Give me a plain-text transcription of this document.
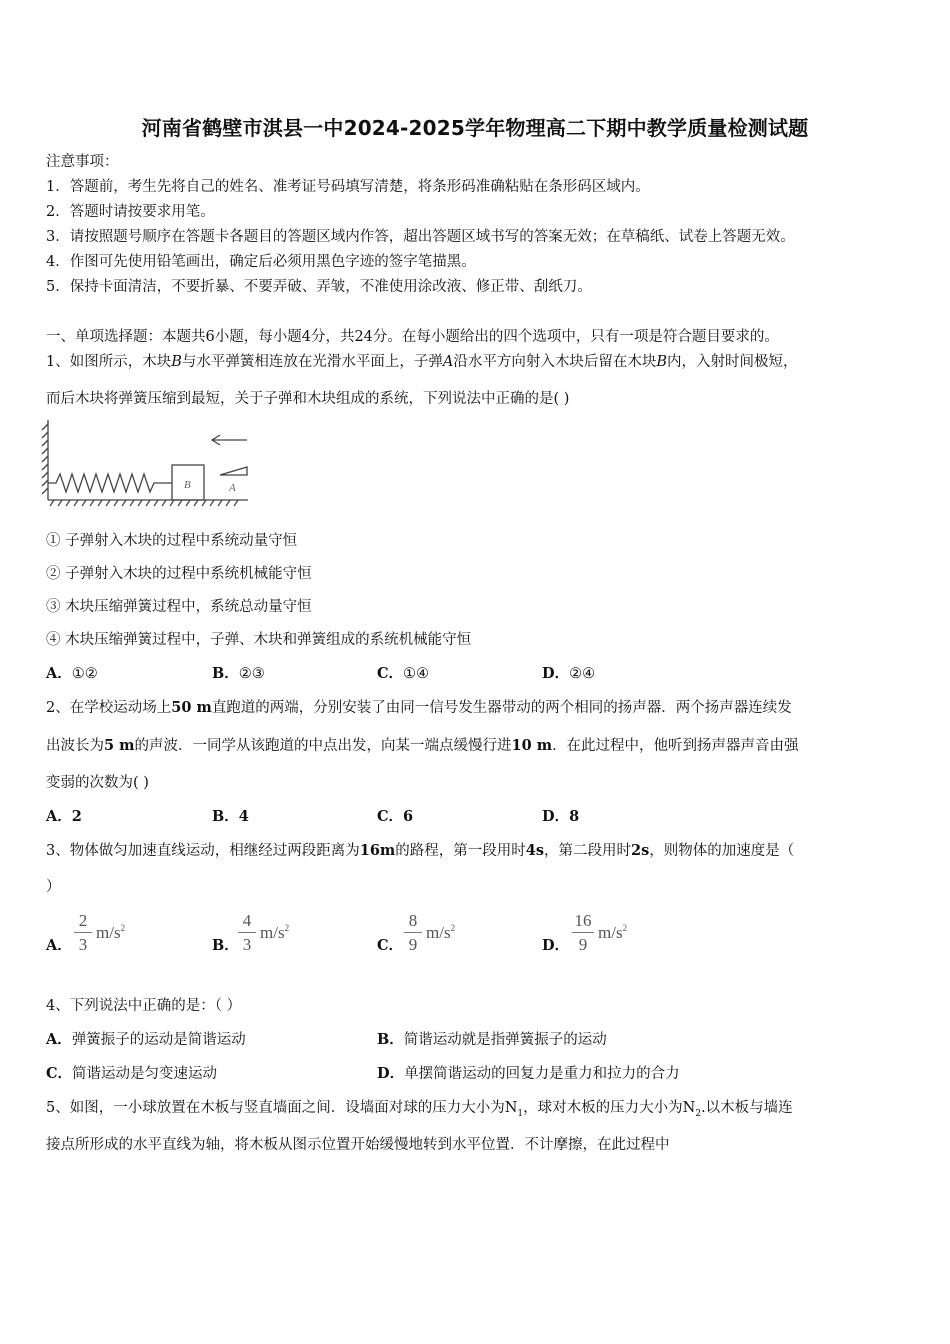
河南省鹤壁市淇县一中2024-2025学年物理高二下期中教学质量检测试题
注意事项：
1．答题前，考生先将自己的姓名、准考证号码填写清楚，将条形码准确粘贴在条形码区域内。
2．答题时请按要求用笔。
3．请按照题号顺序在答题卡各题目的答题区域内作答，超出答题区域书写的答案无效；在草稿纸、试卷上答题无效。
4．作图可先使用铅笔画出，确定后必须用黑色字迹的签字笔描黑。
5．保持卡面清洁，不要折暴、不要弄破、弄皱，不准使用涂改液、修正带、刮纸刀。
一、单项选择题：本题共6小题，每小题4分，共24分。在每小题给出的四个选项中，只有一项是符合题目要求的。
1、如图所示，木块B与水平弹簧相连放在光滑水平面上，子弹A沿水平方向射入木块后留在木块B内，入射时间极短，
而后木块将弹簧压缩到最短，关于子弹和木块组成的系统，下列说法中正确的是( )
B	A
① 子弹射入木块的过程中系统动量守恒
② 子弹射入木块的过程中系统机械能守恒
③ 木块压缩弹簧过程中，系统总动量守恒
④ 木块压缩弹簧过程中，子弹、木块和弹簧组成的系统机械能守恒
A．①②	B．②③	C．①④	D．②④
2、在学校运动场上50 m直跑道的两端，分别安装了由同一信号发生器带动的两个相同的扬声器．两个扬声器连续发
出波长为5 m的声波．一同学从该跑道的中点出发，向某一端点缓慢行进10 m．在此过程中，他听到扬声器声音由强
变弱的次数为( )
A．2	B．4	C．6	D．8
3、物体做匀加速直线运动，相继经过两段距离为16m的路程，第一段用时4s，第二段用时2s，则物体的加速度是（
）
A．
2
3
$m/s^2$
B．
4
3
$m/s^2$
C．
8
9
$m/s^2$
D．
16
9
$m/s^2$
4、下列说法中正确的是：（ ）
A．弹簧振子的运动是简谐运动	B．简谐运动就是指弹簧振子的运动
C．简谐运动是匀变速运动	D．单摆简谐运动的回复力是重力和拉力的合力
5、如图，一小球放置在木板与竖直墙面之间．设墙面对球的压力大小为$N_1$，球对木板的压力大小为$N_2$.以木板与墙连
接点所形成的水平直线为轴，将木板从图示位置开始缓慢地转到水平位置．不计摩擦，在此过程中
